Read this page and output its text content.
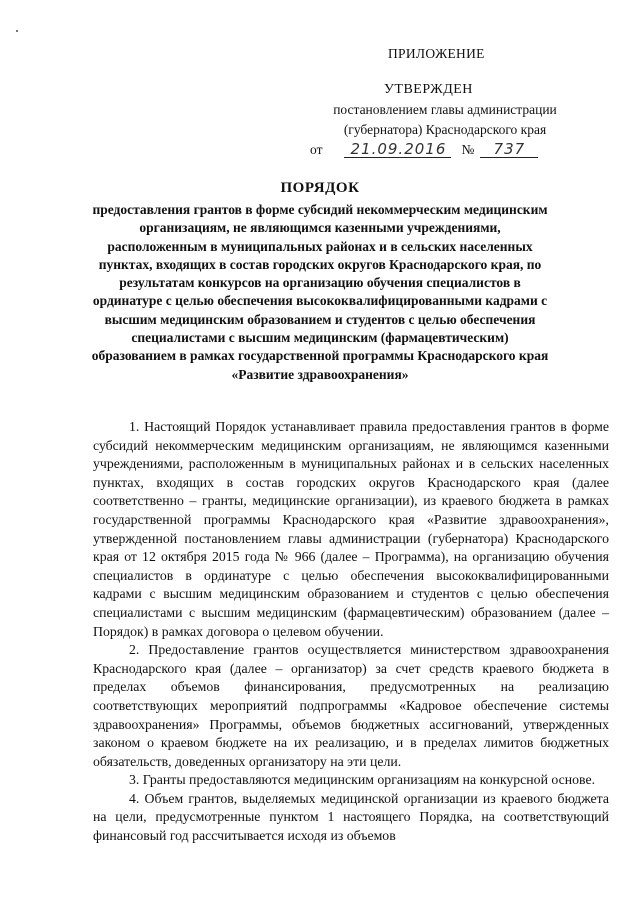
ПРИЛОЖЕНИЕ
УТВЕРЖДЕН
постановлением главы администрации
(губернатора) Краснодарского края
от	21.09.2016	№	737
ПОРЯДОК
предоставления грантов в форме субсидий некоммерческим медицинским организациям, не являющимся казенными учреждениями, расположенным в муниципальных районах и в сельских населенных пунктах, входящих в состав городских округов Краснодарского края, по результатам конкурсов на организацию обучения специалистов в ординатуре с целью обеспечения высококвалифицированными кадрами с высшим медицинским образованием и студентов с целью обеспечения специалистами с высшим медицинским (фармацевтическим) образованием в рамках государственной программы Краснодарского края «Развитие здравоохранения»

1. Настоящий Порядок устанавливает правила предоставления грантов в форме субсидий некоммерческим медицинским организациям, не являющимся казенными учреждениями, расположенным в муниципальных районах и в сельских населенных пунктах, входящих в состав городских округов Краснодарского края (далее соответственно – гранты, медицинские организации), из краевого бюджета в рамках государственной программы Краснодарского края «Развитие здравоохранения», утвержденной постановлением главы администрации (губернатора) Краснодарского края от 12 октября 2015 года № 966 (далее – Программа), на организацию обучения специалистов в ординатуре с целью обеспечения высококвалифицированными кадрами с высшим медицинским образованием и студентов с целью обеспечения специалистами с высшим медицинским (фармацевтическим) образованием (далее – Порядок) в рамках договора о целевом обучении.

2. Предоставление грантов осуществляется министерством здравоохранения Краснодарского края (далее – организатор) за счет средств краевого бюджета в пределах объемов финансирования, предусмотренных на реализацию соответствующих мероприятий подпрограммы «Кадровое обеспечение системы здравоохранения» Программы, объемов бюджетных ассигнований, утвержденных законом о краевом бюджете на их реализацию, и в пределах лимитов бюджетных обязательств, доведенных организатору на эти цели.

3. Гранты предоставляются медицинским организациям на конкурсной основе.

4. Объем грантов, выделяемых медицинской организации из краевого бюджета на цели, предусмотренные пунктом 1 настоящего Порядка, на соответствующий финансовый год рассчитывается исходя из объемов
